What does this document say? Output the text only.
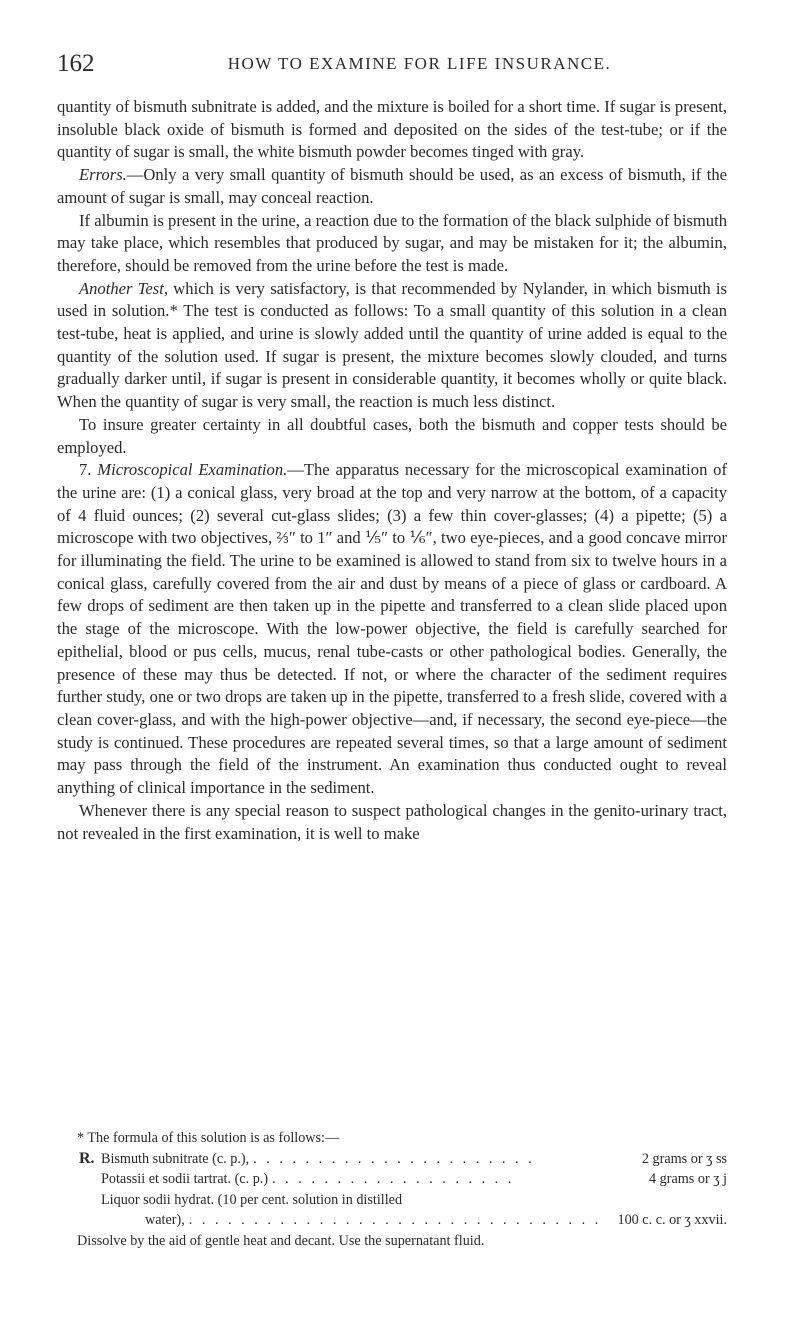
162	HOW TO EXAMINE FOR LIFE INSURANCE.

quantity of bismuth subnitrate is added, and the mixture is boiled for a short time. If sugar is present, insoluble black oxide of bismuth is formed and deposited on the sides of the test-tube; or if the quantity of sugar is small, the white bismuth powder becomes tinged with gray.

Errors.—Only a very small quantity of bismuth should be used, as an excess of bismuth, if the amount of sugar is small, may conceal reaction.

If albumin is present in the urine, a reaction due to the formation of the black sulphide of bismuth may take place, which resembles that produced by sugar, and may be mistaken for it; the albumin, therefore, should be removed from the urine before the test is made.

Another Test, which is very satisfactory, is that recommended by Nylander, in which bismuth is used in solution.* The test is conducted as follows: To a small quantity of this solution in a clean test-tube, heat is applied, and urine is slowly added until the quantity of urine added is equal to the quantity of the solution used. If sugar is present, the mixture becomes slowly clouded, and turns gradually darker until, if sugar is present in considerable quantity, it becomes wholly or quite black. When the quantity of sugar is very small, the reaction is much less distinct.

To insure greater certainty in all doubtful cases, both the bismuth and copper tests should be employed.

7. Microscopical Examination.—The apparatus necessary for the microscopical examination of the urine are: (1) a conical glass, very broad at the top and very narrow at the bottom, of a capacity of 4 fluid ounces; (2) several cut-glass slides; (3) a few thin cover-glasses; (4) a pipette; (5) a microscope with two objectives, ⅔″ to 1″ and ⅕″ to ⅙″, two eye-pieces, and a good concave mirror for illuminating the field. The urine to be examined is allowed to stand from six to twelve hours in a conical glass, carefully covered from the air and dust by means of a piece of glass or cardboard. A few drops of sediment are then taken up in the pipette and transferred to a clean slide placed upon the stage of the microscope. With the low-power objective, the field is carefully searched for epithelial, blood or pus cells, mucus, renal tube-casts or other pathological bodies. Generally, the presence of these may thus be detected. If not, or where the character of the sediment requires further study, one or two drops are taken up in the pipette, transferred to a fresh slide, covered with a clean cover-glass, and with the high-power objective—and, if necessary, the second eye-piece—the study is continued. These procedures are repeated several times, so that a large amount of sediment may pass through the field of the instrument. An examination thus conducted ought to reveal anything of clinical importance in the sediment.

Whenever there is any special reason to suspect pathological changes in the genito-urinary tract, not revealed in the first examination, it is well to make

* The formula of this solution is as follows:—
R. Bismuth subnitrate (c. p.), . . . . . . . . . . . . . . . . . . . . . .	2 grams or ʒ ss
Potassii et sodii tartrat. (c. p.) . . . . . . . . . . . . . . . . . . .	4 grams or ʒ j
Liquor sodii hydrat. (10 per cent. solution in distilled
water), . . . . . . . . . . . . . . . . . . . . . . . . . . . . . . . .	100 c. c. or ʒ xxvii.
Dissolve by the aid of gentle heat and decant. Use the supernatant fluid.
